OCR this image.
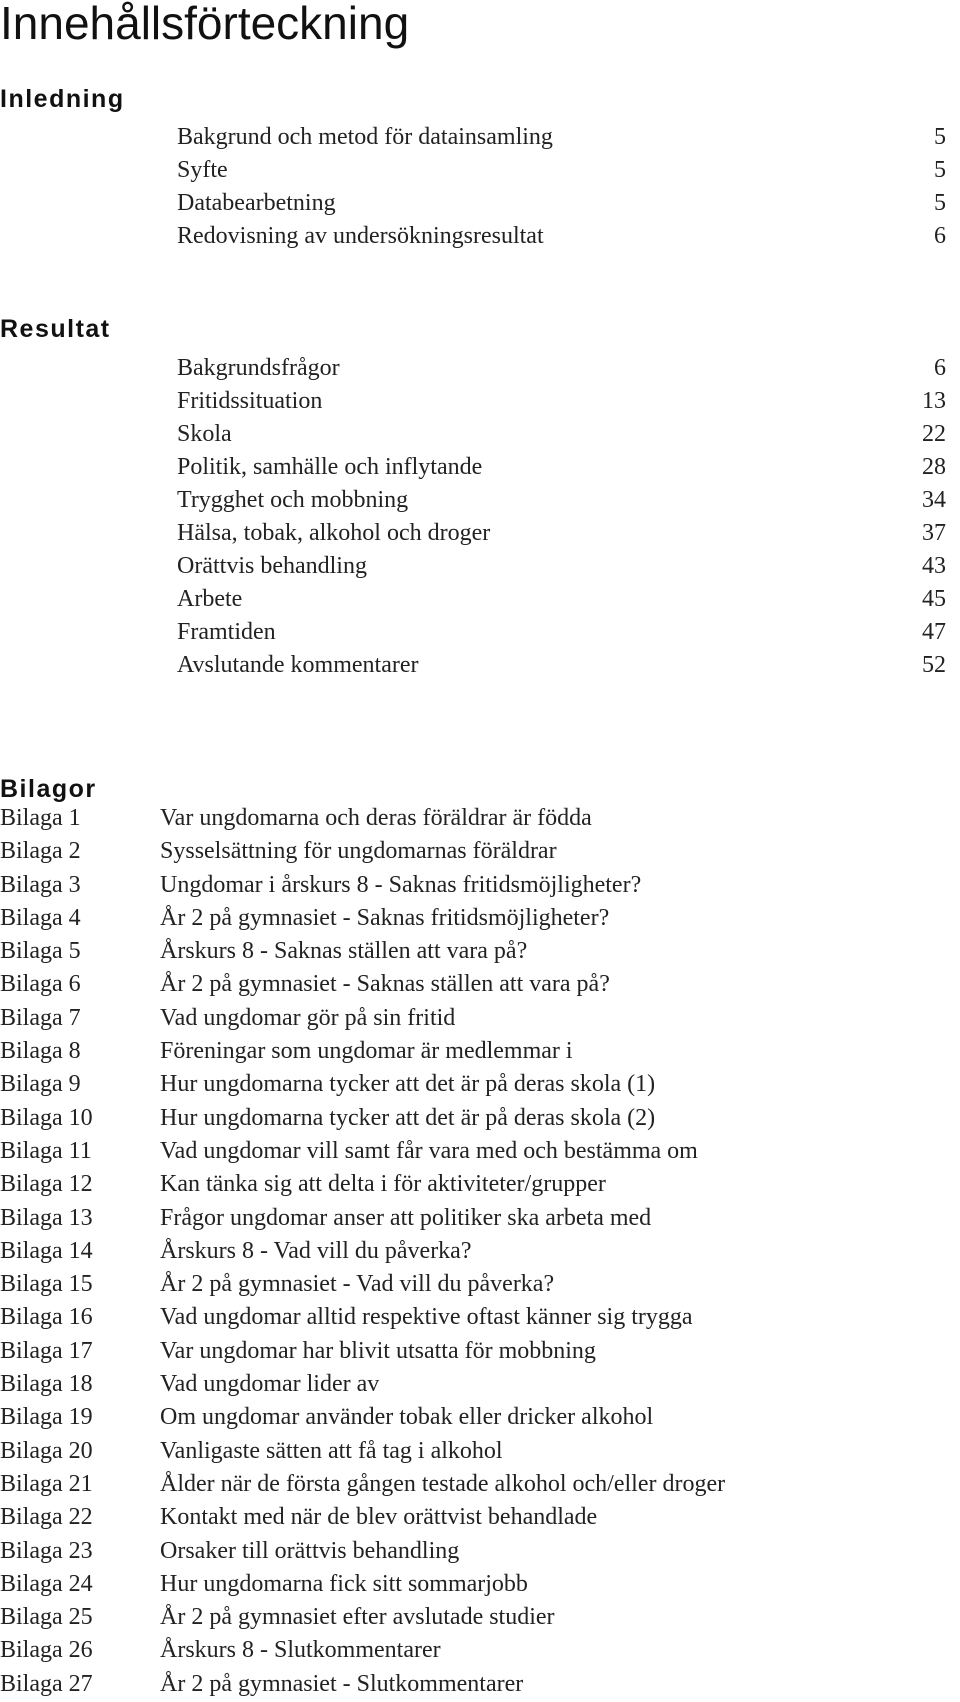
Innehållsförteckning
Inledning
Bakgrund och metod för datainsamling	5
Syfte	5
Databearbetning	5
Redovisning av undersökningsresultat	6
Resultat
Bakgrundsfrågor	6
Fritidssituation	13
Skola	22
Politik, samhälle och inflytande	28
Trygghet och mobbning	34
Hälsa, tobak, alkohol och droger	37
Orättvis behandling	43
Arbete	45
Framtiden	47
Avslutande kommentarer	52
Bilagor
Bilaga 1	Var ungdomarna och deras föräldrar är födda
Bilaga 2	Sysselsättning för ungdomarnas föräldrar
Bilaga 3	Ungdomar i årskurs 8 - Saknas fritidsmöjligheter?
Bilaga 4	År 2 på gymnasiet - Saknas fritidsmöjligheter?
Bilaga 5	Årskurs 8 - Saknas ställen att vara på?
Bilaga 6	År 2 på gymnasiet - Saknas ställen att vara på?
Bilaga 7	Vad ungdomar gör på sin fritid
Bilaga 8	Föreningar som ungdomar är medlemmar i
Bilaga 9	Hur ungdomarna tycker att det är på deras skola (1)
Bilaga 10	Hur ungdomarna tycker att det är på deras skola (2)
Bilaga 11	Vad ungdomar vill samt får vara med och bestämma om
Bilaga 12	Kan tänka sig att delta i för aktiviteter/grupper
Bilaga 13	Frågor ungdomar anser att politiker ska arbeta med
Bilaga 14	Årskurs 8 - Vad vill du påverka?
Bilaga 15	År 2 på gymnasiet - Vad vill du påverka?
Bilaga 16	Vad ungdomar alltid respektive oftast känner sig trygga
Bilaga 17	Var ungdomar har blivit utsatta för mobbning
Bilaga 18	Vad ungdomar lider av
Bilaga 19	Om ungdomar använder tobak eller dricker alkohol
Bilaga 20	Vanligaste sätten att få tag i alkohol
Bilaga 21	Ålder när de första gången testade alkohol och/eller droger
Bilaga 22	Kontakt med när de blev orättvist behandlade
Bilaga 23	Orsaker till orättvis behandling
Bilaga 24	Hur ungdomarna fick sitt sommarjobb
Bilaga 25	År 2 på gymnasiet efter avslutade studier
Bilaga 26	Årskurs 8 - Slutkommentarer
Bilaga 27	År 2 på gymnasiet - Slutkommentarer
